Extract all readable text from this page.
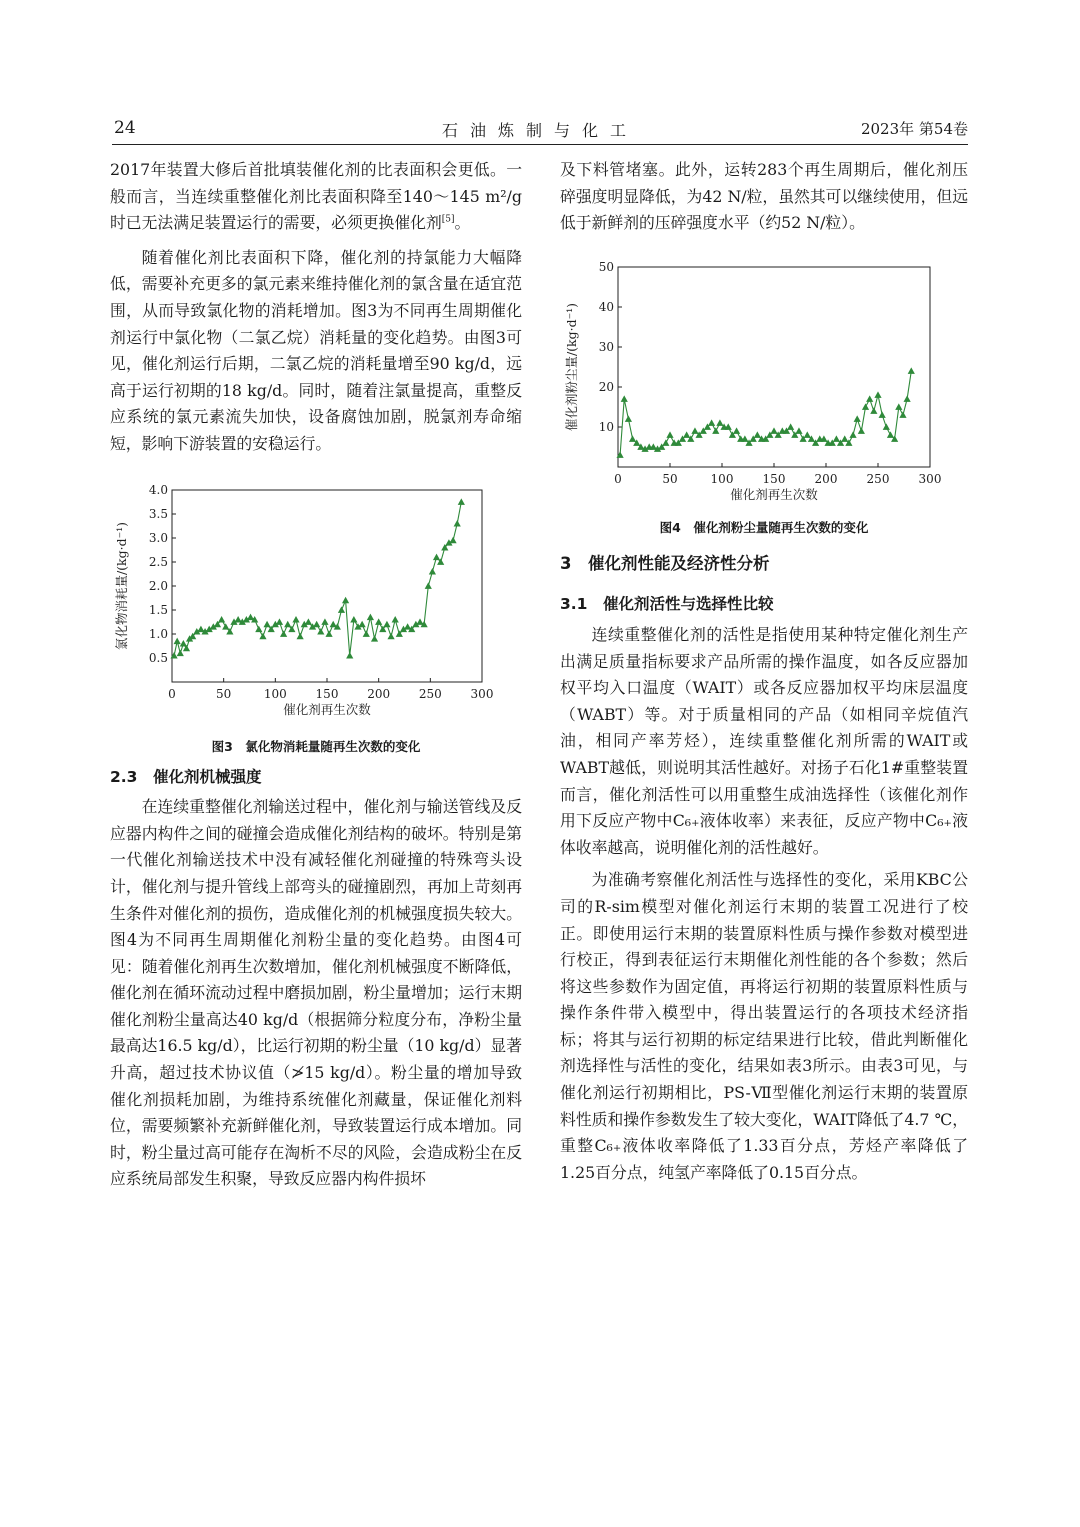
24	石油炼制与化工	2023年 第54卷

2017年装置大修后首批填装催化剂的比表面积会更低。一般而言，当连续重整催化剂比表面积降至140～145 m²/g时已无法满足装置运行的需要，必须更换催化剂[5]。

随着催化剂比表面积下降，催化剂的持氯能力大幅降低，需要补充更多的氯元素来维持催化剂的氯含量在适宜范围，从而导致氯化物的消耗增加。图3为不同再生周期催化剂运行中氯化物（二氯乙烷）消耗量的变化趋势。由图3可见，催化剂运行后期，二氯乙烷的消耗量增至90 kg/d，远高于运行初期的18 kg/d。同时，随着注氯量提高，重整反应系统的氯元素流失加快，设备腐蚀加剧，脱氯剂寿命缩短，影响下游装置的安稳运行。

0	50	100 150 200 250 300
0.5
1.0
1.5
2.0
2.5
3.0
3.5
4.0
催化剂再生次数
氯化物消耗量/(kg·d⁻¹)
图3　氯化物消耗量随再生次数的变化

2.3　催化剂机械强度

在连续重整催化剂输送过程中，催化剂与输送管线及反应器内构件之间的碰撞会造成催化剂结构的破坏。特别是第一代催化剂输送技术中没有减轻催化剂碰撞的特殊弯头设计，催化剂与提升管线上部弯头的碰撞剧烈，再加上苛刻再生条件对催化剂的损伤，造成催化剂的机械强度损失较大。图4为不同再生周期催化剂粉尘量的变化趋势。由图4可见：随着催化剂再生次数增加，催化剂机械强度不断降低，催化剂在循环流动过程中磨损加剧，粉尘量增加；运行末期催化剂粉尘量高达40 kg/d（根据筛分粒度分布，净粉尘量最高达16.5 kg/d），比运行初期的粉尘量（10 kg/d）显著升高，超过技术协议值（≯15 kg/d）。粉尘量的增加导致催化剂损耗加剧，为维持系统催化剂藏量，保证催化剂料位，需要频繁补充新鲜催化剂，导致装置运行成本增加。同时，粉尘量过高可能存在淘析不尽的风险，会造成粉尘在反应系统局部发生积聚，导致反应器内构件损坏

及下料管堵塞。此外，运转283个再生周期后，催化剂压碎强度明显降低，为42 N/粒，虽然其可以继续使用，但远低于新鲜剂的压碎强度水平（约52 N/粒）。

0	50	100 150 200 250 300
10
20
30
40
50
催化剂再生次数
催化剂粉尘量/(kg·d⁻¹)
图4　催化剂粉尘量随再生次数的变化

3　催化剂性能及经济性分析

3.1　催化剂活性与选择性比较

连续重整催化剂的活性是指使用某种特定催化剂生产出满足质量指标要求产品所需的操作温度，如各反应器加权平均入口温度（WAIT）或各反应器加权平均床层温度（WABT）等。对于质量相同的产品（如相同辛烷值汽油，相同产率芳烃），连续重整催化剂所需的WAIT或WABT越低，则说明其活性越好。对扬子石化1#重整装置而言，催化剂活性可以用重整生成油选择性（该催化剂作用下反应产物中C₆₊液体收率）来表征，反应产物中C₆₊液体收率越高，说明催化剂的活性越好。

为准确考察催化剂活性与选择性的变化，采用KBC公司的R-sim模型对催化剂运行末期的装置工况进行了校正。即使用运行末期的装置原料性质与操作参数对模型进行校正，得到表征运行末期催化剂性能的各个参数；然后将这些参数作为固定值，再将运行初期的装置原料性质与操作条件带入模型中，得出装置运行的各项技术经济指标；将其与运行初期的标定结果进行比较，借此判断催化剂选择性与活性的变化，结果如表3所示。由表3可见，与催化剂运行初期相比，PS-Ⅶ型催化剂运行末期的装置原料性质和操作参数发生了较大变化，WAIT降低了4.7 ℃，重整C₆₊液体收率降低了1.33百分点，芳烃产率降低了1.25百分点，纯氢产率降低了0.15百分点。
